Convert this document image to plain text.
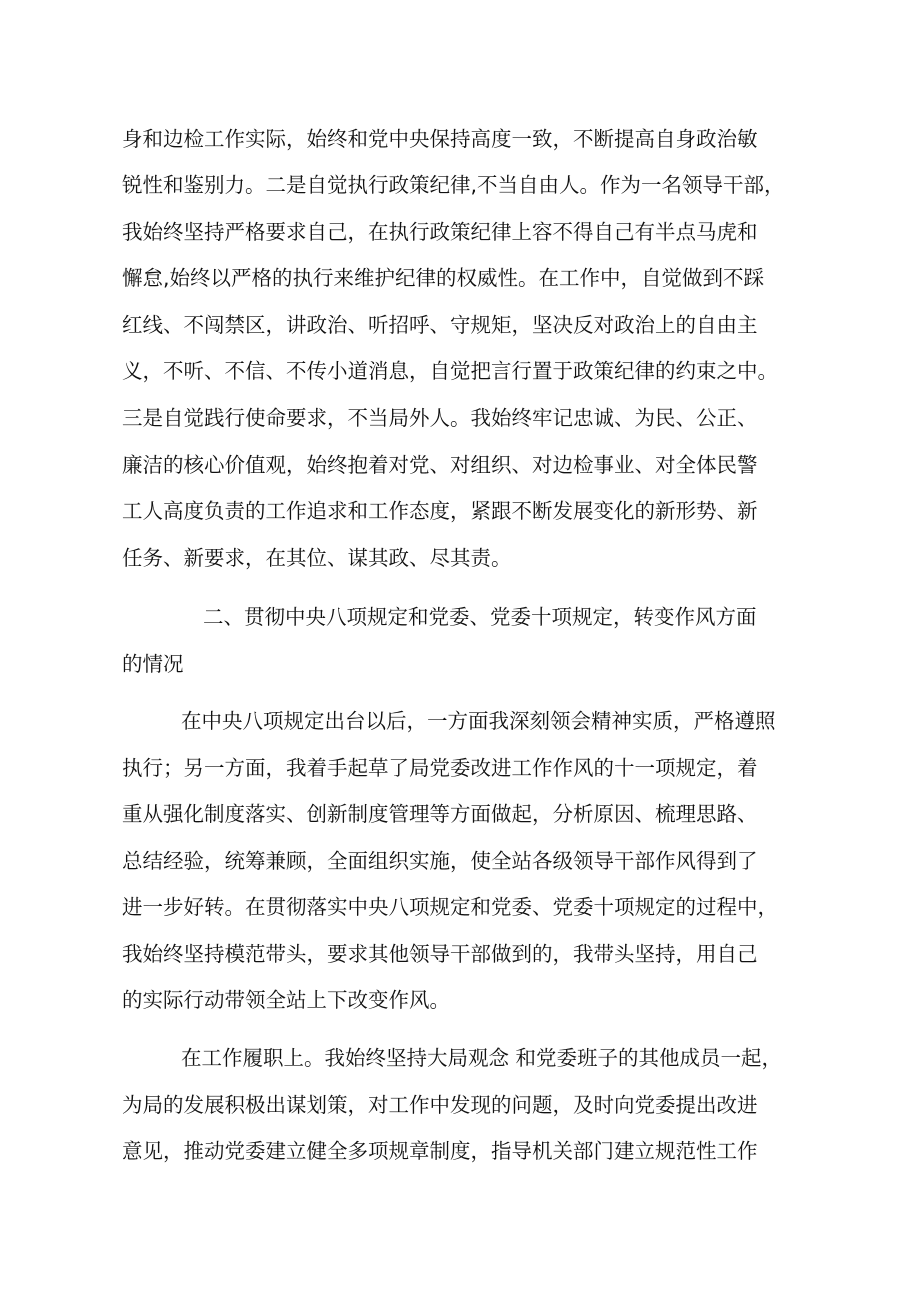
身和边检工作实际，始终和党中央保持高度一致，不断提高自身政治敏
锐性和鉴别力。二是自觉执行政策纪律,不当自由人。作为一名领导干部，
我始终坚持严格要求自己，在执行政策纪律上容不得自己有半点马虎和
懈怠,始终以严格的执行来维护纪律的权威性。在工作中，自觉做到不踩
红线、不闯禁区，讲政治、听招呼、守规矩，坚决反对政治上的自由主
义，不听、不信、不传小道消息，自觉把言行置于政策纪律的约束之中。
三是自觉践行使命要求，不当局外人。我始终牢记忠诚、为民、公正、
廉洁的核心价值观，始终抱着对党、对组织、对边检事业、对全体民警
工人高度负责的工作追求和工作态度，紧跟不断发展变化的新形势、新
任务、新要求，在其位、谋其政、尽其责。
二、贯彻中央八项规定和党委、党委十项规定，转变作风方面
的情况
在中央八项规定出台以后，一方面我深刻领会精神实质，严格遵照
执行；另一方面，我着手起草了局党委改进工作作风的十一项规定，着
重从强化制度落实、创新制度管理等方面做起，分析原因、梳理思路、
总结经验，统筹兼顾，全面组织实施，使全站各级领导干部作风得到了
进一步好转。在贯彻落实中央八项规定和党委、党委十项规定的过程中，
我始终坚持模范带头，要求其他领导干部做到的，我带头坚持，用自己
的实际行动带领全站上下改变作风。
在工作履职上。我始终坚持大局观念 和党委班子的其他成员一起，
为局的发展积极出谋划策，对工作中发现的问题，及时向党委提出改进
意见，推动党委建立健全多项规章制度，指导机关部门建立规范性工作
